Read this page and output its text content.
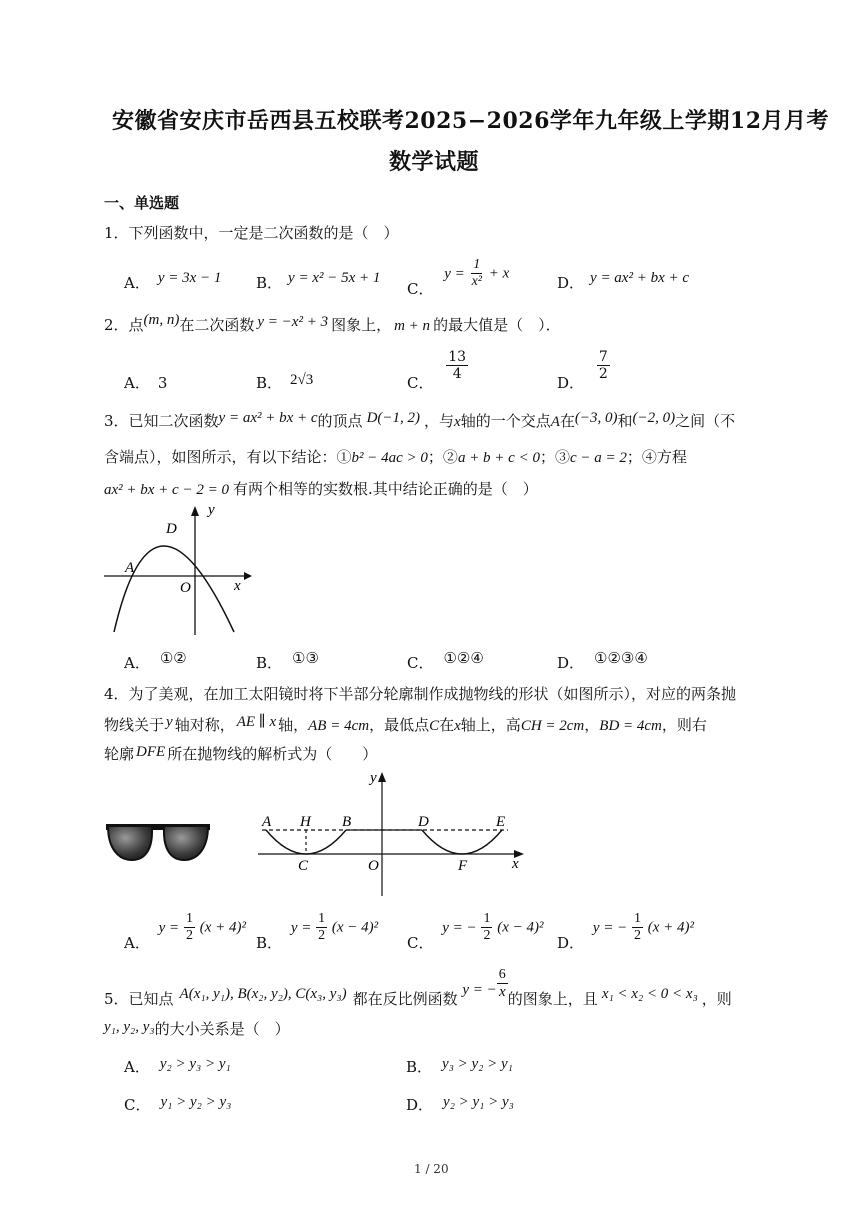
安徽省安庆市岳西县五校联考2025−2026学年九年级上学期12月月考
数学试题
一、单选题
1．下列函数中，一定是二次函数的是（　）
A． y = 3x − 1 B． y = x² − 5x + 1
C． $y = \frac{1}{\text{x²}} + x$
D． y = ax² + bx + c
2．点(m, n)在二次函数 y = −x² + 3 图象上， m + n 的最大值是（　）．
A． 3	B． 2√3	C．
$\frac{13}{4}$
D．
$\frac{7}{2}$
3．已知二次函数y = ax² + bx + c的顶点 D(−1, 2) ，与x轴的一个交点A在(−3, 0)和(−2, 0)之间（不
含端点），如图所示，有以下结论：①b² − 4ac > 0；②a + b + c < 0；③c − a = 2；④方程
ax² + bx + c − 2 = 0 有两个相等的实数根.其中结论正确的是（　）
y
x
D
A
O
A． ①②	B． ①③	C． ①②④	D． ①②③④
4．为了美观，在加工太阳镜时将下半部分轮廓制作成抛物线的形状（如图所示），对应的两条抛
物线关于 y 轴对称， AE ∥ x 轴，AB = 4cm，最低点C在x轴上，高CH = 2cm，BD = 4cm，则右
轮廓 DFE 所在抛物线的解析式为（　　）
y
x
A H B	D	E
C	O	F
A． $y = \frac{1}{2} (x + 4)^2$
B． $y = \frac{1}{2} (x - 4)^2$
C． y = − $\frac{1}{2} (x - 4)^2$
D． y = − $\frac{1}{2} (x + 4)^2$
5．已知点 A(x₁, y₁), B(x₂, y₂), C(x₃, y₃) 都在反比例函数 y = − $\frac{6}{x}$ 的图象上，且 x₁ < x₂ < 0 < x₃ ，则
y₁, y₂, y₃的大小关系是（　）
A． y₂ > y₃ > y₁	B． y₃ > y₂ > y₁
C． y₁ > y₂ > y₃	D． y₂ > y₁ > y₃
1 / 20
